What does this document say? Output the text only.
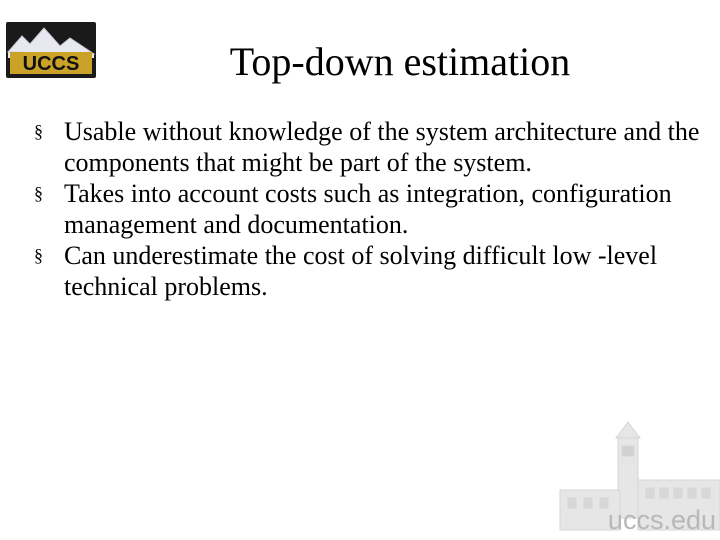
UCCS	Top-down estimation
§ Usable without knowledge of the system architecture and the components that might be part of the system.
§ Takes into account costs such as integration, configuration management and documentation.
§ Can underestimate the cost of solving difficult low -level technical problems.
uccs.edu
